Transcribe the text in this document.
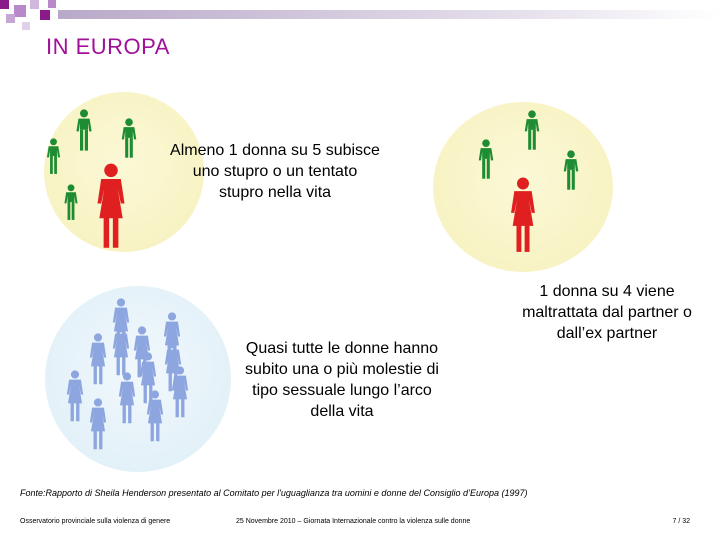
IN EUROPA

Almeno 1 donna su 5 subisce uno stupro o un tentato stupro nella vita

Quasi tutte le donne hanno subito una o più molestie di tipo sessuale lungo l’arco della vita

1 donna su 4 viene maltrattata dal partner o dall’ex partner

Fonte:Rapporto di Sheila Henderson presentato al Comitato per l'uguaglianza tra uomini e donne del Consiglio d’Europa (1997)

Osservatorio provinciale sulla violenza di genere	25 Novembre 2010 – Giornata Internazionale contro la violenza sulle donne	7 / 32
